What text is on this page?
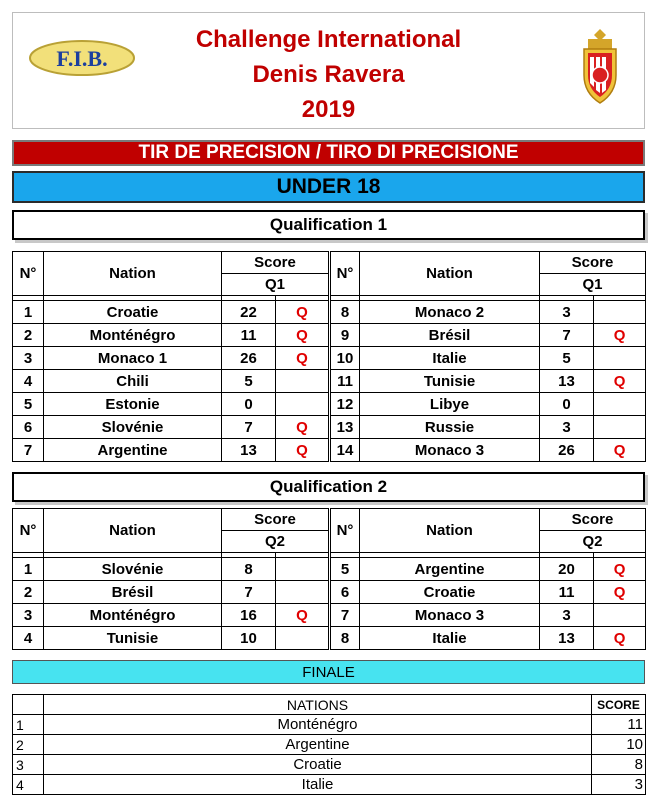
F.I.B.
Challenge International
Denis Ravera
2019
TIR DE PRECISION / TIRO DI PRECISIONE
UNDER 18
Qualification 1
N°	Nation	Score		N°	Nation	Score	
		Q1				Q1	

1	Croatie	22	Q	8	Monaco 2	3	
2	Monténégro	11	Q	9	Brésil	7	Q
3	Monaco 1	26	Q	10	Italie	5	
4	Chili	5		11	Tunisie	13	Q
5	Estonie	0		12	Libye	0	
6	Slovénie	7	Q	13	Russie	3	
7	Argentine	13	Q	14	Monaco 3	26	Q
Qualification 2
N°	Nation	Score		N°	Nation	Score	
		Q2				Q2	

1	Slovénie	8		5	Argentine	20	Q
2	Brésil	7		6	Croatie	11	Q
3	Monténégro	16	Q	7	Monaco 3	3	
4	Tunisie	10		8	Italie	13	Q
FINALE
	NATIONS	SCORE
1	Monténégro	11
2	Argentine	10
3	Croatie	8
4	Italie	3
